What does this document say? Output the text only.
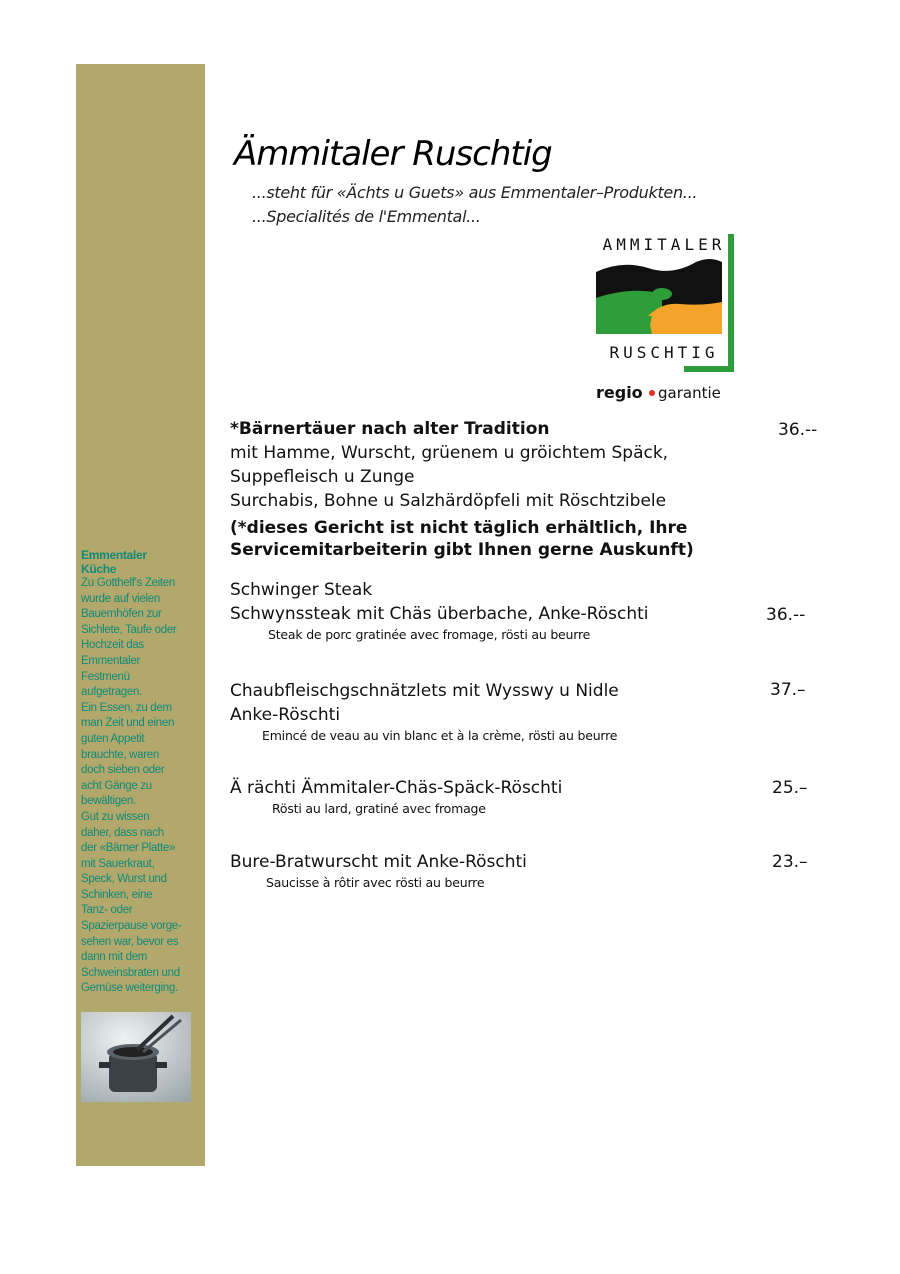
Emmentaler
Küche
Zu Gotthelf's Zeiten
wurde auf vielen
Bauernhöfen zur
Sichlete, Taufe oder
Hochzeit das
Emmentaler
Festmenü
aufgetragen.
Ein Essen, zu dem
man Zeit und einen
guten Appetit
brauchte, waren
doch sieben oder
acht Gänge zu
bewältigen.
Gut zu wissen
daher, dass nach
der «Bärner Platte»
mit Sauerkraut,
Speck, Wurst und
Schinken, eine
Tanz- oder
Spazierpause vorge-
sehen war, bevor es
dann mit dem
Schweinsbraten und
Gemüse weiterging.
Ämmitaler Ruschtig
...steht für «Ächts u Guets» aus Emmentaler–Produkten...
...Specialités de l'Emmental...
AMMITALER
RUSCHTIG
regio garantie
*Bärnertäuer nach alter Tradition
mit Hamme, Wurscht, grüenem u gröichtem Späck,
Suppefleisch u Zunge
Surchabis, Bohne u Salzhärdöpfeli mit Röschtzibele
(*dieses Gericht ist nicht täglich erhältlich, Ihre
Servicemitarbeiterin gibt Ihnen gerne Auskunft)
36.--
Schwinger Steak
Schwynssteak mit Chäs überbache, Anke-Röschti
Steak de porc gratinée avec fromage, rösti au beurre
36.--
Chaubfleischgschnätzlets mit Wysswy u Nidle
Anke-Röschti
Emincé de veau au vin blanc et à la crème, rösti au beurre
37.–
Ä rächti Ämmitaler-Chäs-Späck-Röschti
Rösti au lard, gratiné avec fromage
25.–
Bure-Bratwurscht mit Anke-Röschti
Saucisse à rôtir avec rösti au beurre
23.–
